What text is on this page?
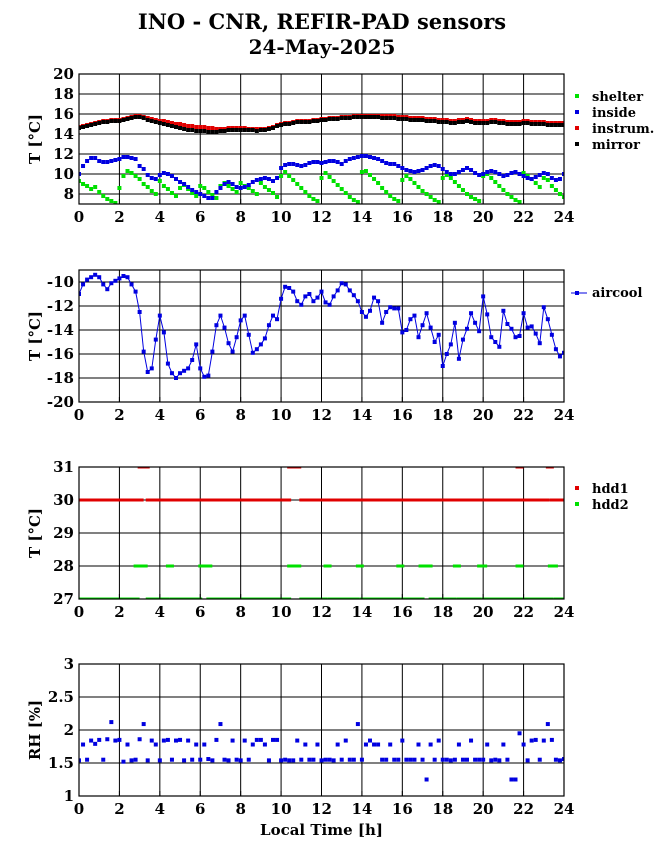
INO - CNR, REFIR-PAD sensors
24-May-2025
0 2 4 6 8 10 12 14 16 18 20 22 24
8
10
12
14
16
18
20
T [°C]
shelter
inside
instrum.
mirror
0 2 4 6 8 10 12 14 16 18 20 22 24
-20
-18
-16
-14
-12
-10
T [°C]
aircool
0 2 4 6 8 10 12 14 16 18 20 22 24
27
28
29
30
31
T [°C]
hdd1
hdd2
0 2 4 6 8 10 12 14 16 18 20 22 24
1
1.5
2
2.5
3
RH [%]
Local Time [h]
